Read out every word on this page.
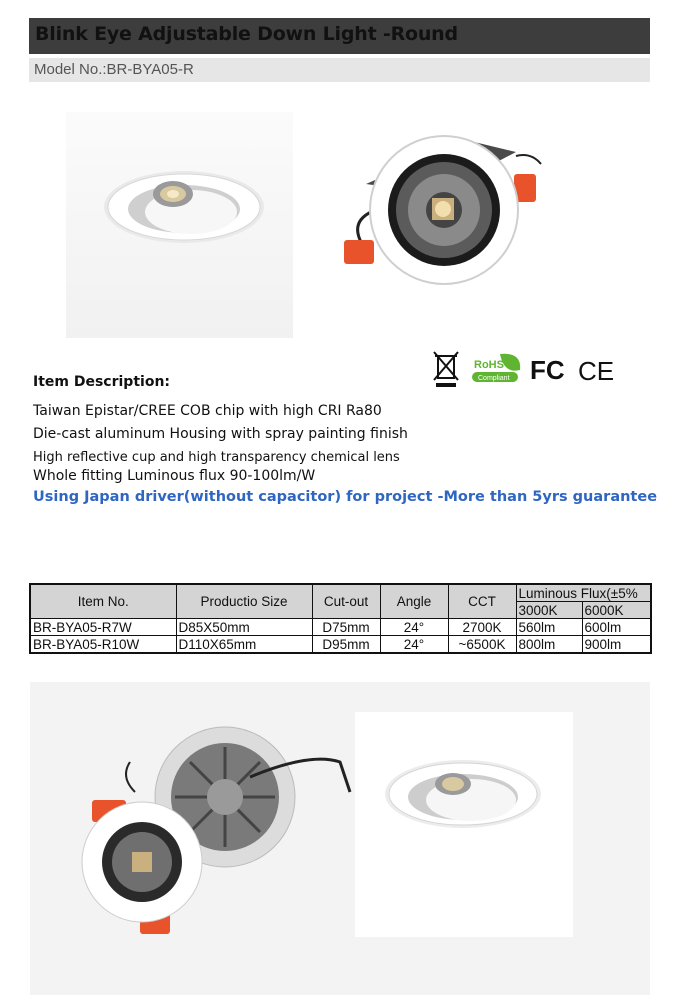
Blink Eye Adjustable Down Light -Round
Model No.:BR-BYA05-R
RoHS
Compliant FC CE
Item Description:
Taiwan Epistar/CREE COB chip with high CRI Ra80
Die-cast aluminum Housing with spray painting finish
High reflective cup and high transparency chemical lens
Whole fitting Luminous flux 90-100lm/W
Using Japan driver(without capacitor) for project -More than 5yrs guarantee
Item No.	Productio Size	Cut-out	Angle	CCT	Luminous Flux(±5%	
					3000K	6000K
BR-BYA05-R7W	D85X50mm	D75mm	24°	2700K	560lm	600lm
BR-BYA05-R10W	D110X65mm	D95mm	24°	~6500K	800lm	900lm
